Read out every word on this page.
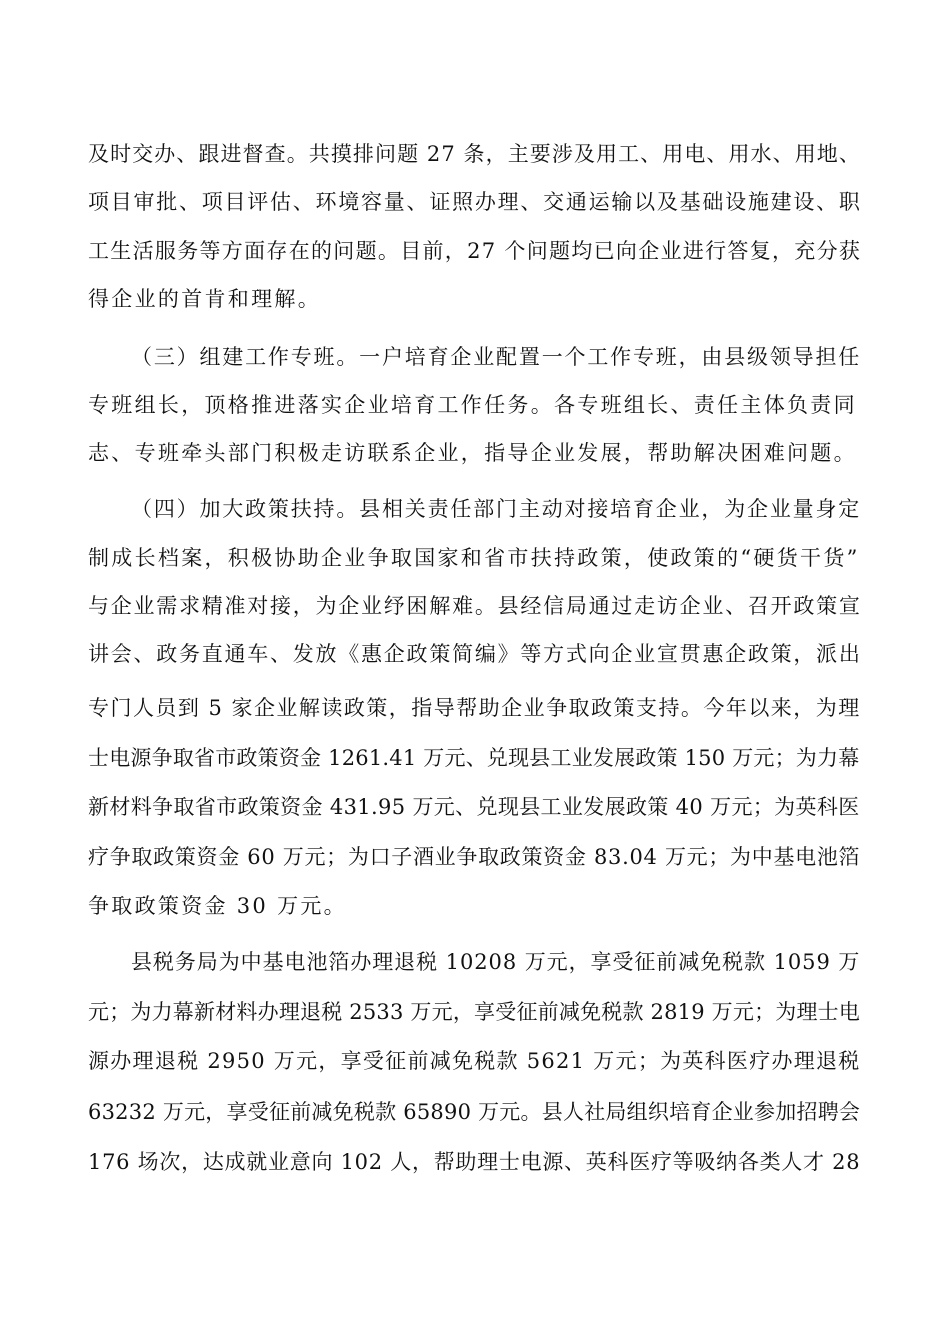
及时交办、跟进督查。共摸排问题 27 条，主要涉及用工、用电、用水、用地、
项目审批、项目评估、环境容量、证照办理、交通运输以及基础设施建设、职
工生活服务等方面存在的问题。目前，27 个问题均已向企业进行答复，充分获
得企业的首肯和理解。
（三）组建工作专班。一户培育企业配置一个工作专班，由县级领导担任
专班组长，顶格推进落实企业培育工作任务。各专班组长、责任主体负责同
志、专班牵头部门积极走访联系企业，指导企业发展，帮助解决困难问题。
（四）加大政策扶持。县相关责任部门主动对接培育企业，为企业量身定
制成长档案，积极协助企业争取国家和省市扶持政策，使政策的“硬货干货”
与企业需求精准对接，为企业纾困解难。县经信局通过走访企业、召开政策宣
讲会、政务直通车、发放《惠企政策简编》等方式向企业宣贯惠企政策，派出
专门人员到 5 家企业解读政策，指导帮助企业争取政策支持。今年以来，为理
士电源争取省市政策资金 1261.41 万元、兑现县工业发展政策 150 万元；为力幕
新材料争取省市政策资金 431.95 万元、兑现县工业发展政策 40 万元；为英科医
疗争取政策资金 60 万元；为口子酒业争取政策资金 83.04 万元；为中基电池箔
争取政策资金 30 万元。
县税务局为中基电池箔办理退税 10208 万元，享受征前减免税款 1059 万
元；为力幕新材料办理退税 2533 万元，享受征前减免税款 2819 万元；为理士电
源办理退税 2950 万元，享受征前减免税款 5621 万元；为英科医疗办理退税
63232 万元，享受征前减免税款 65890 万元。县人社局组织培育企业参加招聘会
176 场次，达成就业意向 102 人，帮助理士电源、英科医疗等吸纳各类人才 28
